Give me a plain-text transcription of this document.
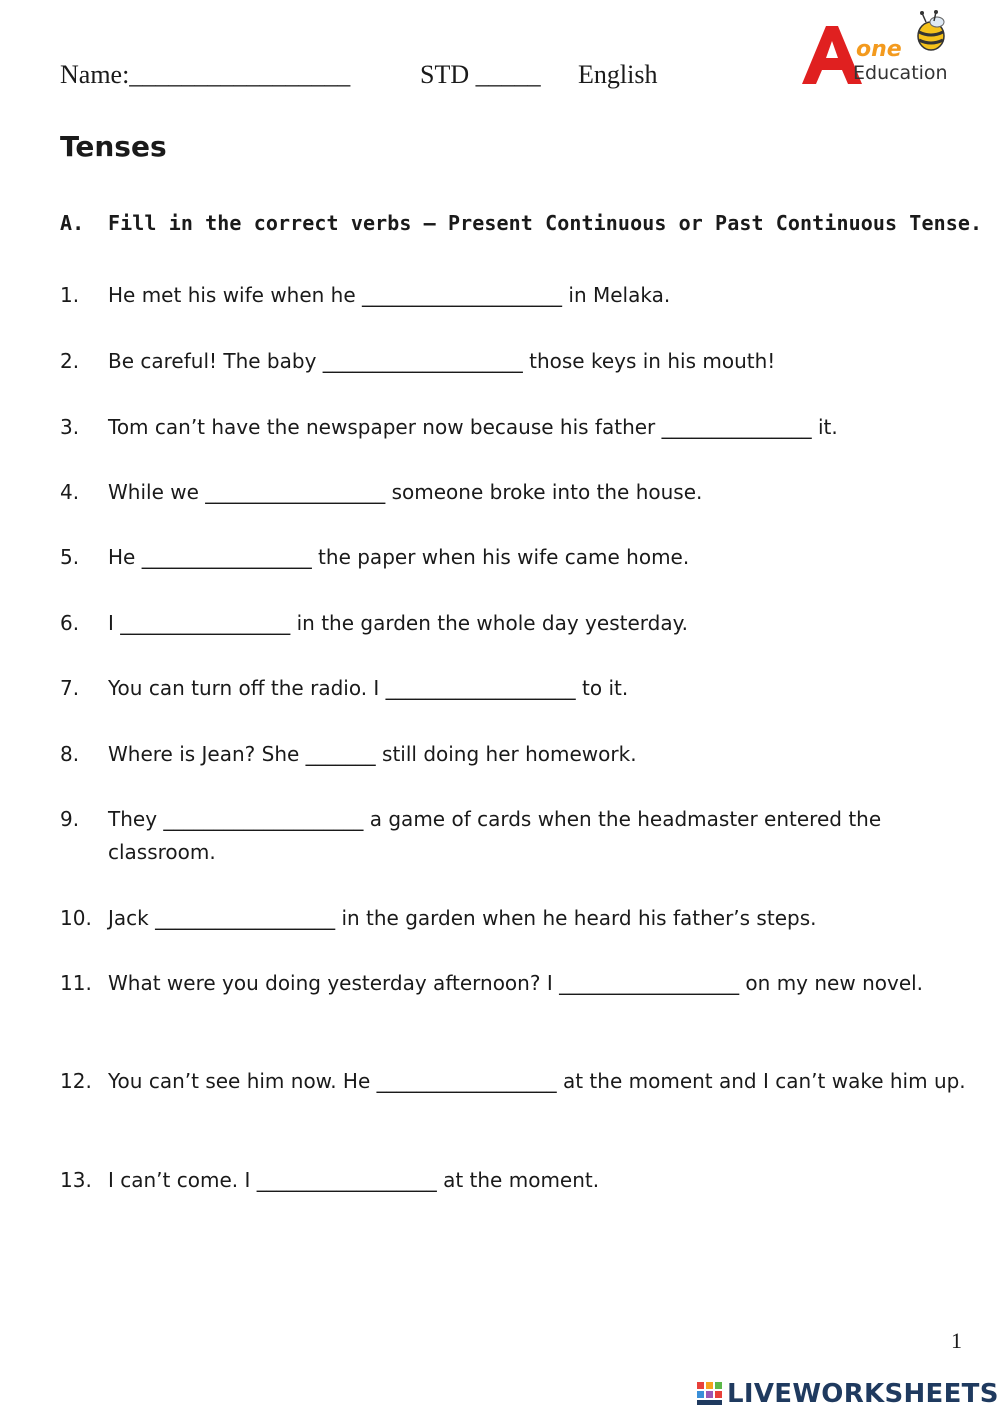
Name:_________________	STD _____ English
one
Education
Tenses
A. Fill in the correct verbs – Present Continuous or Past Continuous Tense.
1. He met his wife when he ____________________ in Melaka.
2. Be careful! The baby ____________________ those keys in his mouth!
3. Tom can’t have the newspaper now because his father _______________ it.
4. While we __________________ someone broke into the house.
5. He _________________ the paper when his wife came home.
6. I _________________ in the garden the whole day yesterday.
7. You can turn off the radio. I ___________________ to it.
8. Where is Jean? She _______ still doing her homework.
9. They ____________________ a game of cards when the headmaster entered the classroom.
10. Jack __________________ in the garden when he heard his father’s steps.
11. What were you doing yesterday afternoon? I __________________ on my new novel.
12. You can’t see him now. He __________________ at the moment and I can’t wake him up.
13. I can’t come. I __________________ at the moment.
1
LIVEWORKSHEETS
